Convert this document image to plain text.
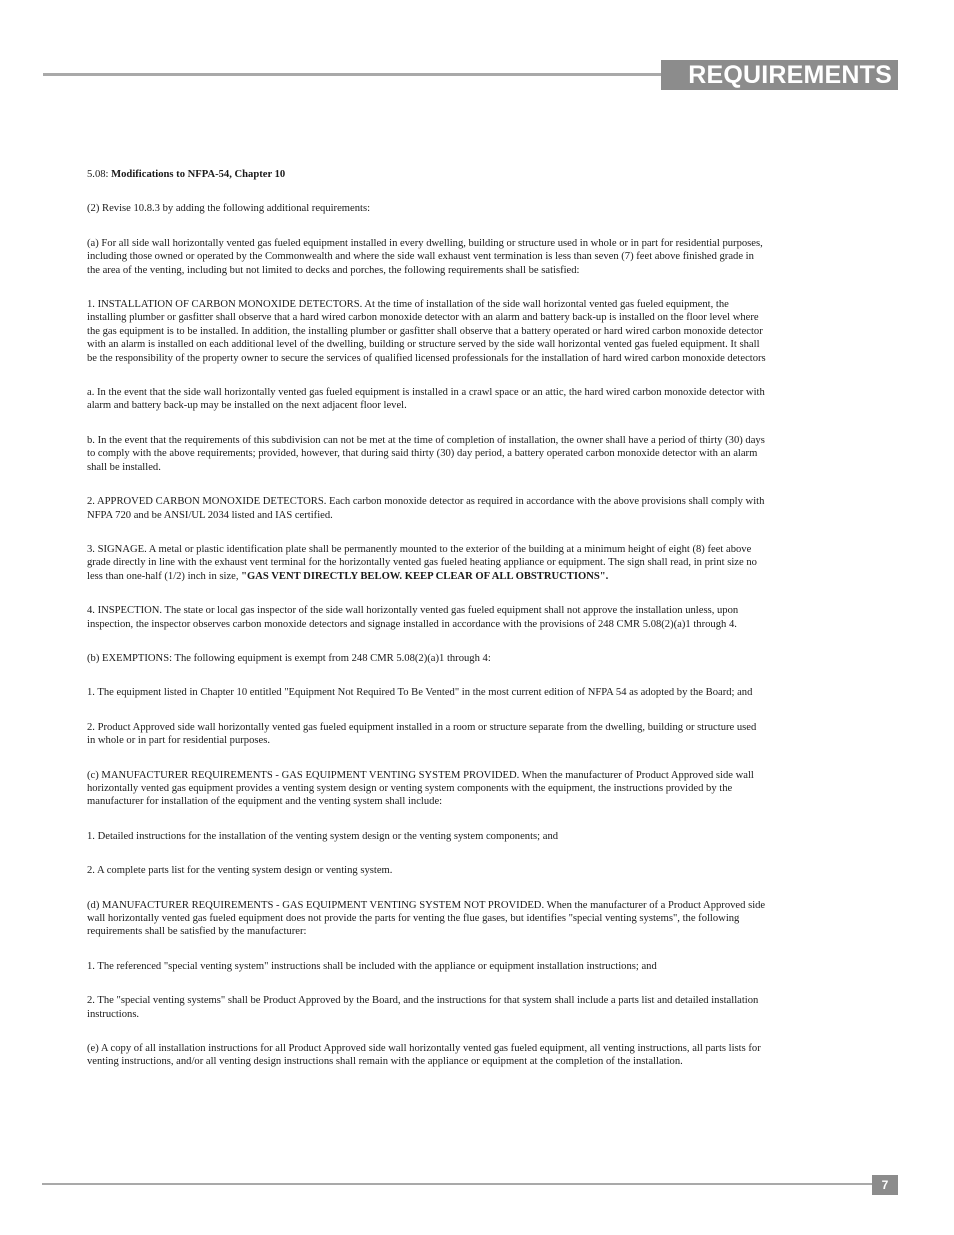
REQUIREMENTS
5.08: Modifications to NFPA-54, Chapter 10

(2) Revise 10.8.3 by adding the following additional requirements:

(a) For all side wall horizontally vented gas fueled equipment installed in every dwelling, building or structure used in whole or in part for residential purposes, including those owned or operated by the Commonwealth and where the side wall exhaust vent termination is less than seven (7) feet above finished grade in the area of the venting, including but not limited to decks and porches, the following requirements shall be satisfied:

1. INSTALLATION OF CARBON MONOXIDE DETECTORS. At the time of installation of the side wall horizontal vented gas fueled equipment, the installing plumber or gasfitter shall observe that a hard wired carbon monoxide detector with an alarm and battery back-up is installed on the floor level where the gas equipment is to be installed. In addition, the installing plumber or gasfitter shall observe that a battery operated or hard wired carbon monoxide detector with an alarm is installed on each additional level of the dwelling, building or structure served by the side wall horizontal vented gas fueled equipment. It shall be the responsibility of the property owner to secure the services of qualified licensed professionals for the installation of hard wired carbon monoxide detectors

a. In the event that the side wall horizontally vented gas fueled equipment is installed in a crawl space or an attic, the hard wired carbon monoxide detector with alarm and battery back-up may be installed on the next adjacent floor level.

b. In the event that the requirements of this subdivision can not be met at the time of completion of installation, the owner shall have a period of thirty (30) days to comply with the above requirements; provided, however, that during said thirty (30) day period, a battery operated carbon monoxide detector with an alarm shall be installed.

2. APPROVED CARBON MONOXIDE DETECTORS. Each carbon monoxide detector as required in accordance with the above provisions shall comply with NFPA 720 and be ANSI/UL 2034 listed and IAS certified.

3. SIGNAGE. A metal or plastic identification plate shall be permanently mounted to the exterior of the building at a minimum height of eight (8) feet above grade directly in line with the exhaust vent terminal for the horizontally vented gas fueled heating appliance or equipment. The sign shall read, in print size no less than one-half (1/2) inch in size, "GAS VENT DIRECTLY BELOW. KEEP CLEAR OF ALL OBSTRUCTIONS".

4. INSPECTION. The state or local gas inspector of the side wall horizontally vented gas fueled equipment shall not approve the installation unless, upon inspection, the inspector observes carbon monoxide detectors and signage installed in accordance with the provisions of 248 CMR 5.08(2)(a)1 through 4.

(b) EXEMPTIONS: The following equipment is exempt from 248 CMR 5.08(2)(a)1 through 4:

1. The equipment listed in Chapter 10 entitled "Equipment Not Required To Be Vented" in the most current edition of NFPA 54 as adopted by the Board; and

2. Product Approved side wall horizontally vented gas fueled equipment installed in a room or structure separate from the dwelling, building or structure used in whole or in part for residential purposes.

(c) MANUFACTURER REQUIREMENTS - GAS EQUIPMENT VENTING SYSTEM PROVIDED. When the manufacturer of Product Approved side wall horizontally vented gas equipment provides a venting system design or venting system components with the equipment, the instructions provided by the manufacturer for installation of the equipment and the venting system shall include:

1. Detailed instructions for the installation of the venting system design or the venting system components; and

2. A complete parts list for the venting system design or venting system.

(d) MANUFACTURER REQUIREMENTS - GAS EQUIPMENT VENTING SYSTEM NOT PROVIDED. When the manufacturer of a Product Approved side wall horizontally vented gas fueled equipment does not provide the parts for venting the flue gases, but identifies "special venting systems", the following requirements shall be satisfied by the manufacturer:

1. The referenced "special venting system" instructions shall be included with the appliance or equipment installation instructions; and

2. The "special venting systems" shall be Product Approved by the Board, and the instructions for that system shall include a parts list and detailed installation instructions.

(e) A copy of all installation instructions for all Product Approved side wall horizontally vented gas fueled equipment, all venting instructions, all parts lists for venting instructions, and/or all venting design instructions shall remain with the appliance or equipment at the completion of the installation.

7
